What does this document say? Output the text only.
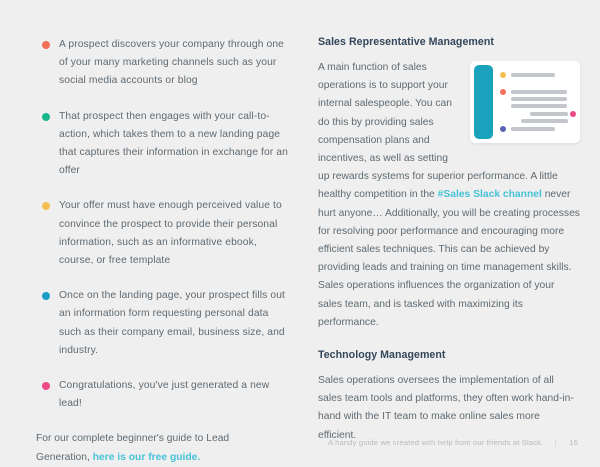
A prospect discovers your company through one of your many marketing channels such as your social media accounts or blog
That prospect then engages with your call-to-action, which takes them to a new landing page that captures their information in exchange for an offer
Your offer must have enough perceived value to convince the prospect to provide their personal information, such as an informative ebook, course, or free template
Once on the landing page, your prospect fills out an information form requesting personal data such as their company email, business size, and industry.
Congratulations, you've just generated a new lead!

For our complete beginner's guide to Lead Generation, here is our free guide.

Sales Representative Management

A main function of sales operations is to support your internal salespeople. You can do this by providing sales compensation plans and incentives, as well as setting up rewards systems for superior performance. A little healthy competition in the #Sales Slack channel never hurt anyone… Additionally, you will be creating processes for resolving poor performance and encouraging more efficient sales techniques. This can be achieved by providing leads and training on time management skills. Sales operations influences the organization of your sales team, and is tasked with maximizing its performance.

Technology Management

Sales operations oversees the implementation of all sales team tools and platforms, they often work hand-in-hand with the IT team to make online sales more efficient.

A handy guide we created with help from our friends at Slack. | 16
